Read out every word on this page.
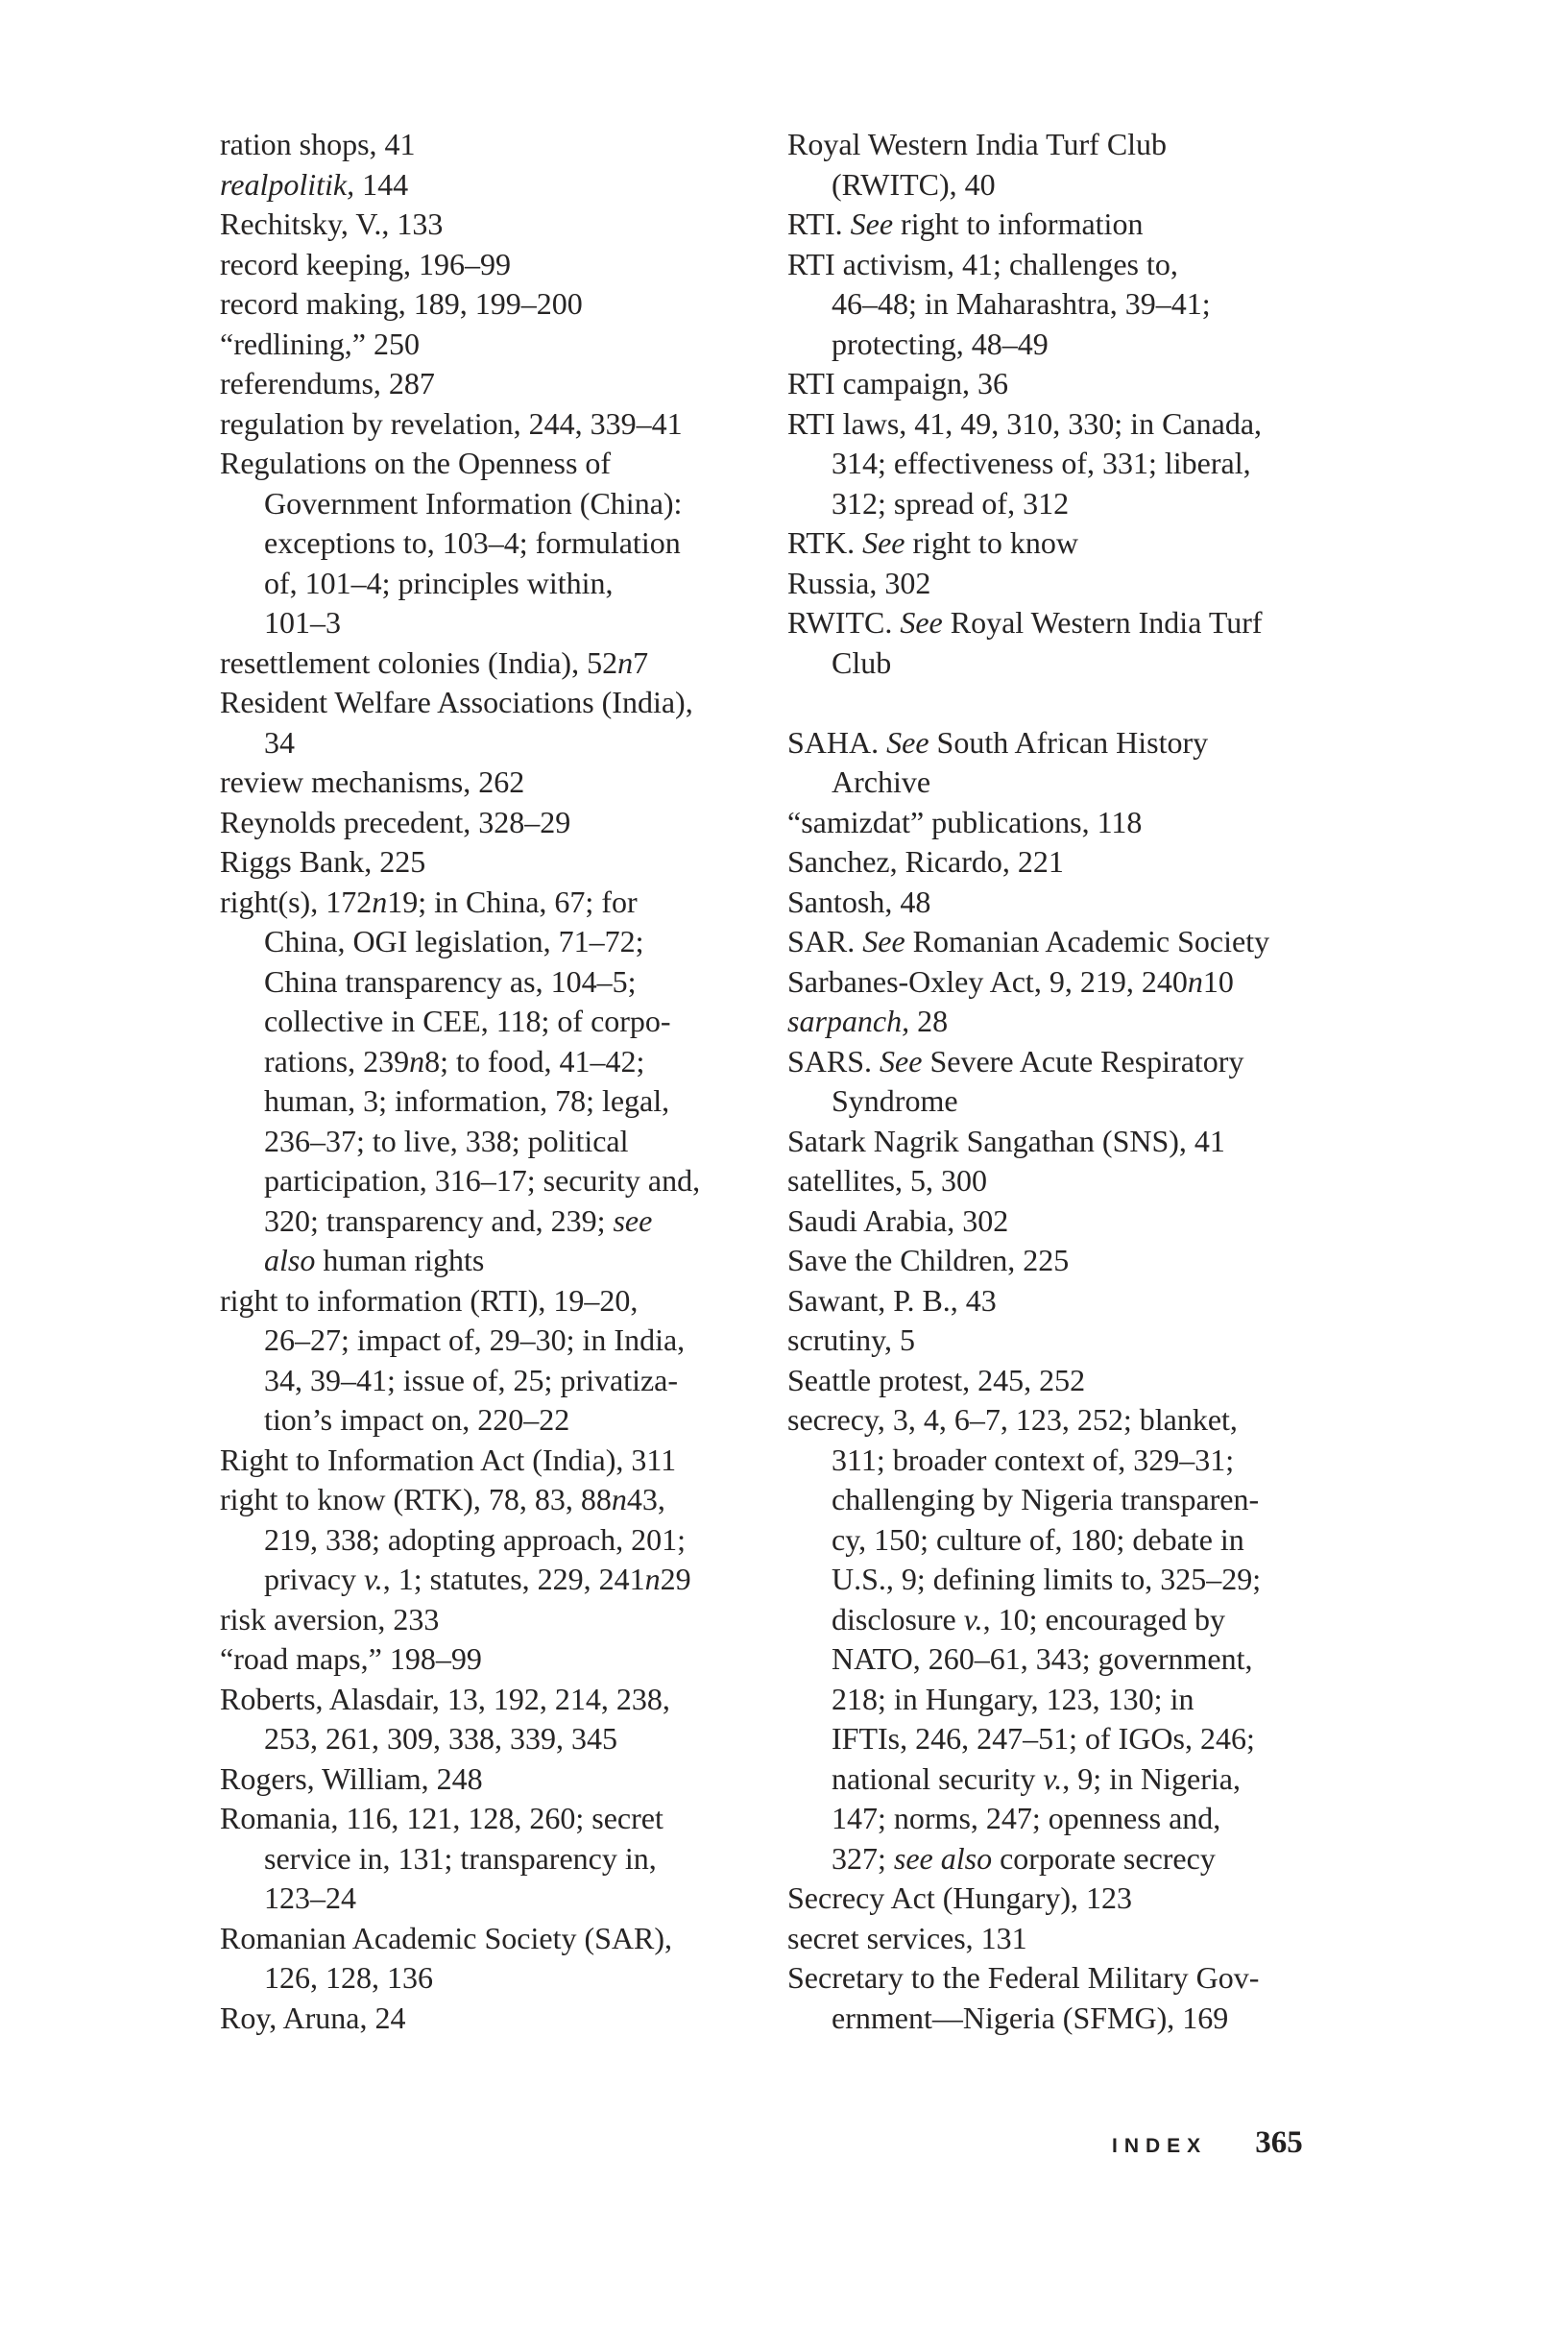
ration shops, 41
realpolitik, 144
Rechitsky, V., 133
record keeping, 196–99
record making, 189, 199–200
“redlining,” 250
referendums, 287
regulation by revelation, 244, 339–41
Regulations on the Openness of
Government Information (China):
exceptions to, 103–4; formulation
of, 101–4; principles within,
101–3
resettlement colonies (India), 52n7
Resident Welfare Associations (India),
34
review mechanisms, 262
Reynolds precedent, 328–29
Riggs Bank, 225
right(s), 172n19; in China, 67; for
China, OGI legislation, 71–72;
China transparency as, 104–5;
collective in CEE, 118; of corpo-
rations, 239n8; to food, 41–42;
human, 3; information, 78; legal,
236–37; to live, 338; political
participation, 316–17; security and,
320; transparency and, 239; see
also human rights
right to information (RTI), 19–20,
26–27; impact of, 29–30; in India,
34, 39–41; issue of, 25; privatiza-
tion’s impact on, 220–22
Right to Information Act (India), 311
right to know (RTK), 78, 83, 88n43,
219, 338; adopting approach, 201;
privacy v., 1; statutes, 229, 241n29
risk aversion, 233
“road maps,” 198–99
Roberts, Alasdair, 13, 192, 214, 238,
253, 261, 309, 338, 339, 345
Rogers, William, 248
Romania, 116, 121, 128, 260; secret
service in, 131; transparency in,
123–24
Romanian Academic Society (SAR),
126, 128, 136
Roy, Aruna, 24
Royal Western India Turf Club
(RWITC), 40
RTI. See right to information
RTI activism, 41; challenges to,
46–48; in Maharashtra, 39–41;
protecting, 48–49
RTI campaign, 36
RTI laws, 41, 49, 310, 330; in Canada,
314; effectiveness of, 331; liberal,
312; spread of, 312
RTK. See right to know
Russia, 302
RWITC. See Royal Western India Turf
Club
SAHA. See South African History
Archive
“samizdat” publications, 118
Sanchez, Ricardo, 221
Santosh, 48
SAR. See Romanian Academic Society
Sarbanes-Oxley Act, 9, 219, 240n10
sarpanch, 28
SARS. See Severe Acute Respiratory
Syndrome
Satark Nagrik Sangathan (SNS), 41
satellites, 5, 300
Saudi Arabia, 302
Save the Children, 225
Sawant, P. B., 43
scrutiny, 5
Seattle protest, 245, 252
secrecy, 3, 4, 6–7, 123, 252; blanket,
311; broader context of, 329–31;
challenging by Nigeria transparen-
cy, 150; culture of, 180; debate in
U.S., 9; defining limits to, 325–29;
disclosure v., 10; encouraged by
NATO, 260–61, 343; government,
218; in Hungary, 123, 130; in
IFTIs, 246, 247–51; of IGOs, 246;
national security v., 9; in Nigeria,
147; norms, 247; openness and,
327; see also corporate secrecy
Secrecy Act (Hungary), 123
secret services, 131
Secretary to the Federal Military Gov-
ernment—Nigeria (SFMG), 169
INDEX 365
